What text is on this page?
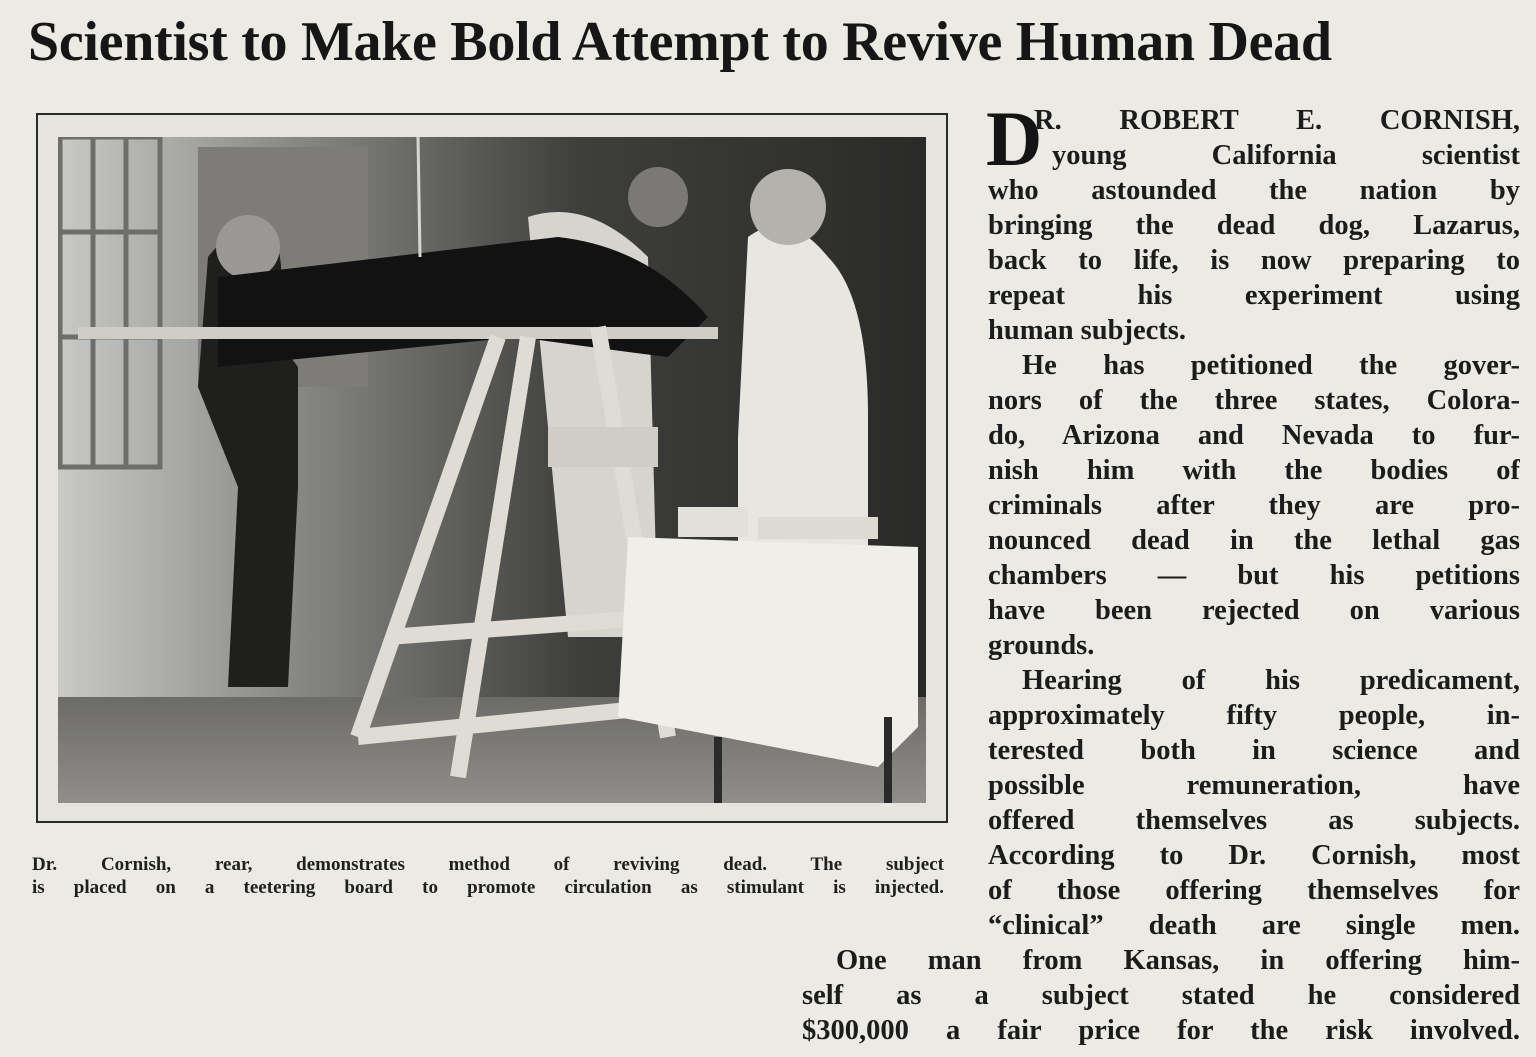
Scientist to Make Bold Attempt to Revive Human Dead
Dr. Cornish, rear, demonstrates method of reviving dead. The subject
is placed on a teetering board to promote circulation as stimulant is injected.
D
R. ROBERT E. CORNISH,
young California scientist
who astounded the nation by
bringing the dead dog, Lazarus,
back to life, is now preparing to
repeat his experiment using
human subjects.
He has petitioned the gover-
nors of the three states, Colora-
do, Arizona and Nevada to fur-
nish him with the bodies of
criminals after they are pro-
nounced dead in the lethal gas
chambers — but his petitions
have been rejected on various
grounds.
Hearing of his predicament,
approximately fifty people, in-
terested both in science and
possible remuneration, have
offered themselves as subjects.
According to Dr. Cornish, most
of those offering themselves for
“clinical” death are single men.
One man from Kansas, in offering him-
self as a subject stated he considered
$300,000 a fair price for the risk involved.
